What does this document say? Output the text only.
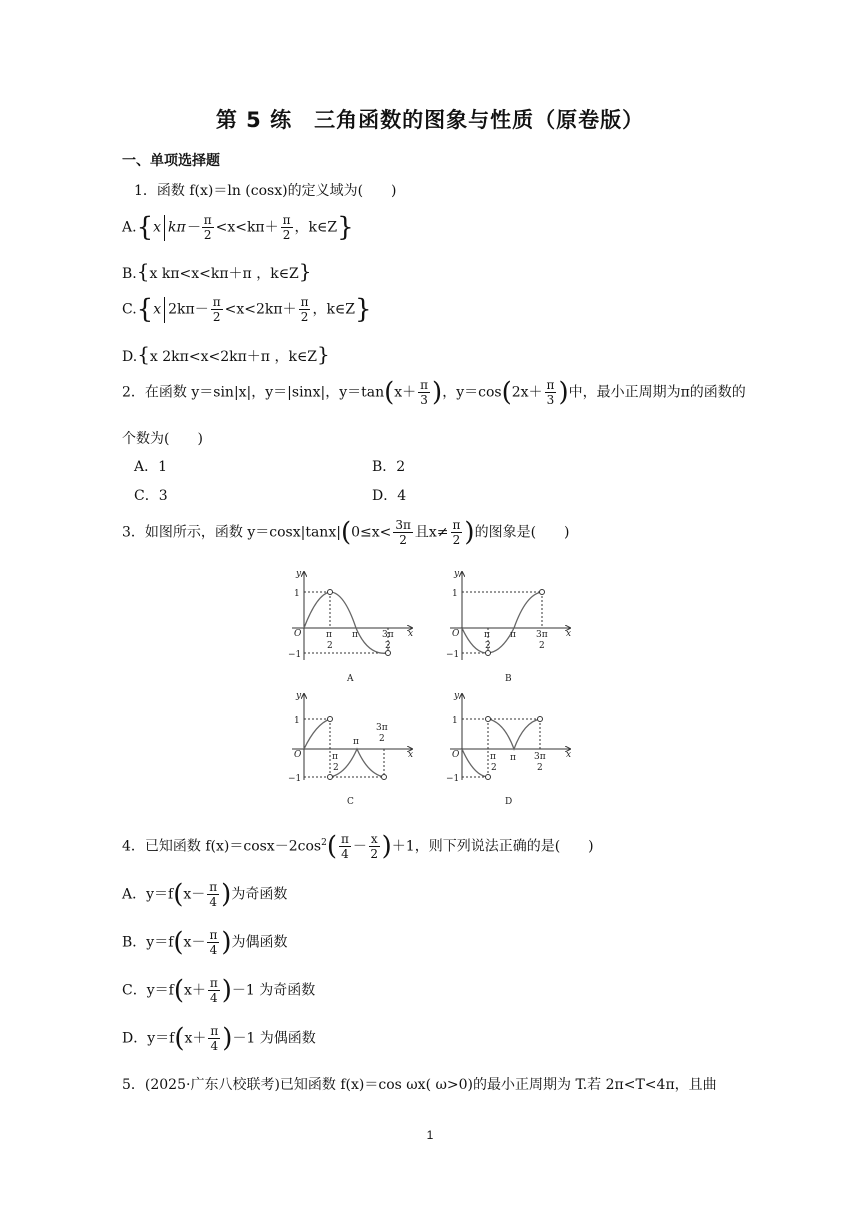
第 5 练　三角函数的图象与性质（原卷版）
一、单项选择题
1．函数 f(x)＝ln (cosx)的定义域为(　　)
A.{x $k\pi- \frac{\pi}{2} <x<k\pi+ \frac{\pi}{2}$ ，k∈Z}
B.{x kπ<x<kπ＋π ，k∈Z}
C.{x $2k\pi- \frac{\pi}{2} <x<2k\pi+ \frac{\pi}{2}$ ，k∈Z}
D.{x 2kπ<x<2kπ＋π ，k∈Z}
2．在函数 y＝sin|x|，y＝|sinx|，$y=\tan(x+ \frac{\pi}{3}$ )，$y=\cos(2x+ \frac{\pi}{3}$ )中，最小正周期为π的函数的
个数为(　　)
A．1	B．2
C．3	D．4
3．如图所示，函数 $y=\cos x|\tan x|(0\le x< \frac{3\pi}{2}$ 且$x\ne \frac{\pi}{2}$ )的图象是(　　)
y
x
O
1
−1
π
2
π	3π
2
A
y
x
O
1
−1
π
2
π 3π
2
B
y
x
O
1
−1
π
2
π
3π
2
C
y
x
O
1
−1
π
2
π 3π
2
D
4．已知函数 $f(x)=\cos x-2\cos^2( \frac{\pi}{4} - \frac{x}{2} )+1$，则下列说法正确的是(　　)
A．$y=f(x- \frac{\pi}{4}$ )为奇函数
B．$y=f(x- \frac{\pi}{4}$ )为偶函数
C．$y=f(x+ \frac{\pi}{4} )-1$ 为奇函数
D．$y=f(x+ \frac{\pi}{4} )-1$ 为偶函数
5．(2025·广东八校联考)已知函数 f(x)＝cos ωx( ω>0)的最小正周期为 T.若 2π<T<4π，且曲
1
